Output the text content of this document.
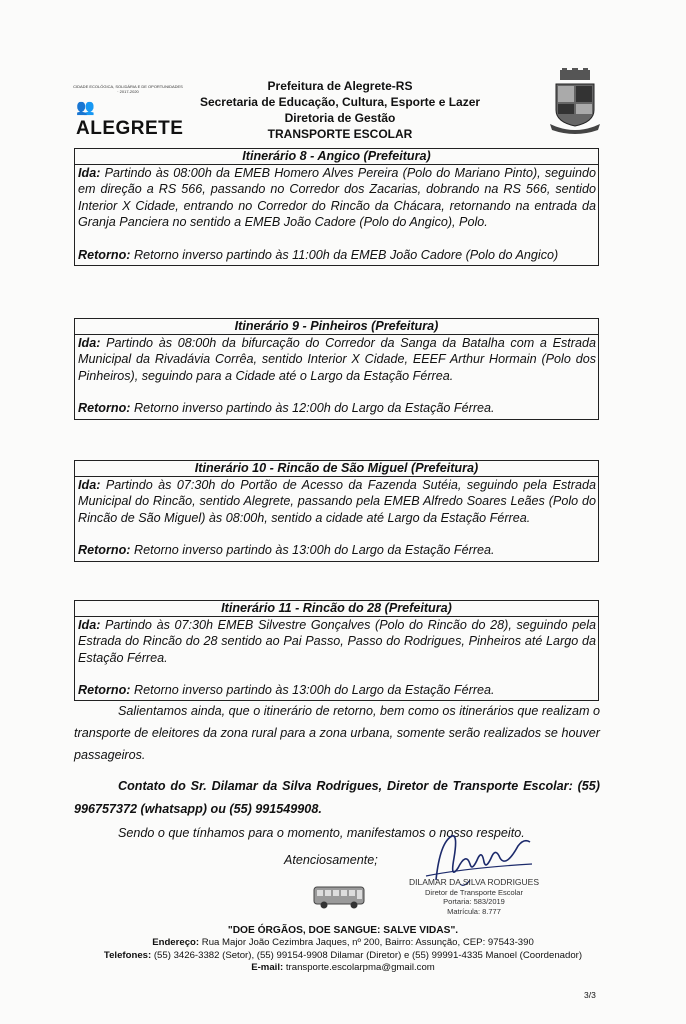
CIDADE ECOLÓGICA, SOLIDÁRIA E DE OPORTUNIDADES · 2017-2020
👥ALEGRETE
Prefeitura de Alegrete-RS
Secretaria de Educação, Cultura, Esporte e Lazer
Diretoria de Gestão
TRANSPORTE ESCOLAR
Itinerário 8 - Angico (Prefeitura)

Ida: Partindo às 08:00h da EMEB Homero Alves Pereira (Polo do Mariano Pinto), seguindo em direção a RS 566, passando no Corredor dos Zacarias, dobrando na RS 566, sentido Interior X Cidade, entrando no Corredor do Rincão da Chácara, retornando na entrada da Granja Panciera no sentido a EMEB João Cadore (Polo do Angico), Polo.

Retorno: Retorno inverso partindo às 11:00h da EMEB João Cadore (Polo do Angico)

Itinerário 9 - Pinheiros (Prefeitura)

Ida: Partindo às 08:00h da bifurcação do Corredor da Sanga da Batalha com a Estrada Municipal da Rivadávia Corrêa, sentido Interior X Cidade, EEEF Arthur Hormain (Polo dos Pinheiros), seguindo para a Cidade até o Largo da Estação Férrea.

Retorno: Retorno inverso partindo às 12:00h do Largo da Estação Férrea.

Itinerário 10 - Rincão de São Miguel (Prefeitura)

Ida: Partindo às 07:30h do Portão de Acesso da Fazenda Sutéia, seguindo pela Estrada Municipal do Rincão, sentido Alegrete, passando pela EMEB Alfredo Soares Leães (Polo do Rincão de São Miguel) às 08:00h, sentido a cidade até Largo da Estação Férrea.

Retorno: Retorno inverso partindo às 13:00h do Largo da Estação Férrea.

Itinerário 11 - Rincão do 28 (Prefeitura)

Ida: Partindo às 07:30h EMEB Silvestre Gonçalves (Polo do Rincão do 28), seguindo pela Estrada do Rincão do 28 sentido ao Pai Passo, Passo do Rodrigues, Pinheiros até Largo da Estação Férrea.

Retorno: Retorno inverso partindo às 13:00h do Largo da Estação Férrea.

Salientamos ainda, que o itinerário de retorno, bem como os itinerários que realizam o transporte de eleitores da zona rural para a zona urbana, somente serão realizados se houver passageiros.
Contato do Sr. Dilamar da Silva Rodrigues, Diretor de Transporte Escolar: (55) 996757372 (whatsapp) ou (55) 991549908.
Sendo o que tínhamos para o momento, manifestamos o nosso respeito.
Atenciosamente;
DILAMAR DA SILVA RODRIGUES
Diretor de Transporte Escolar
Portaria: 583/2019
Matrícula: 8.777
"DOE ÓRGÃOS, DOE SANGUE: SALVE VIDAS".
Endereço: Rua Major João Cezimbra Jaques, nº 200, Bairro: Assunção, CEP: 97543-390
Telefones: (55) 3426-3382 (Setor), (55) 99154-9908 Dilamar (Diretor) e (55) 99991-4335 Manoel (Coordenador)
E-mail: transporte.escolarpma@gmail.com
3/3
